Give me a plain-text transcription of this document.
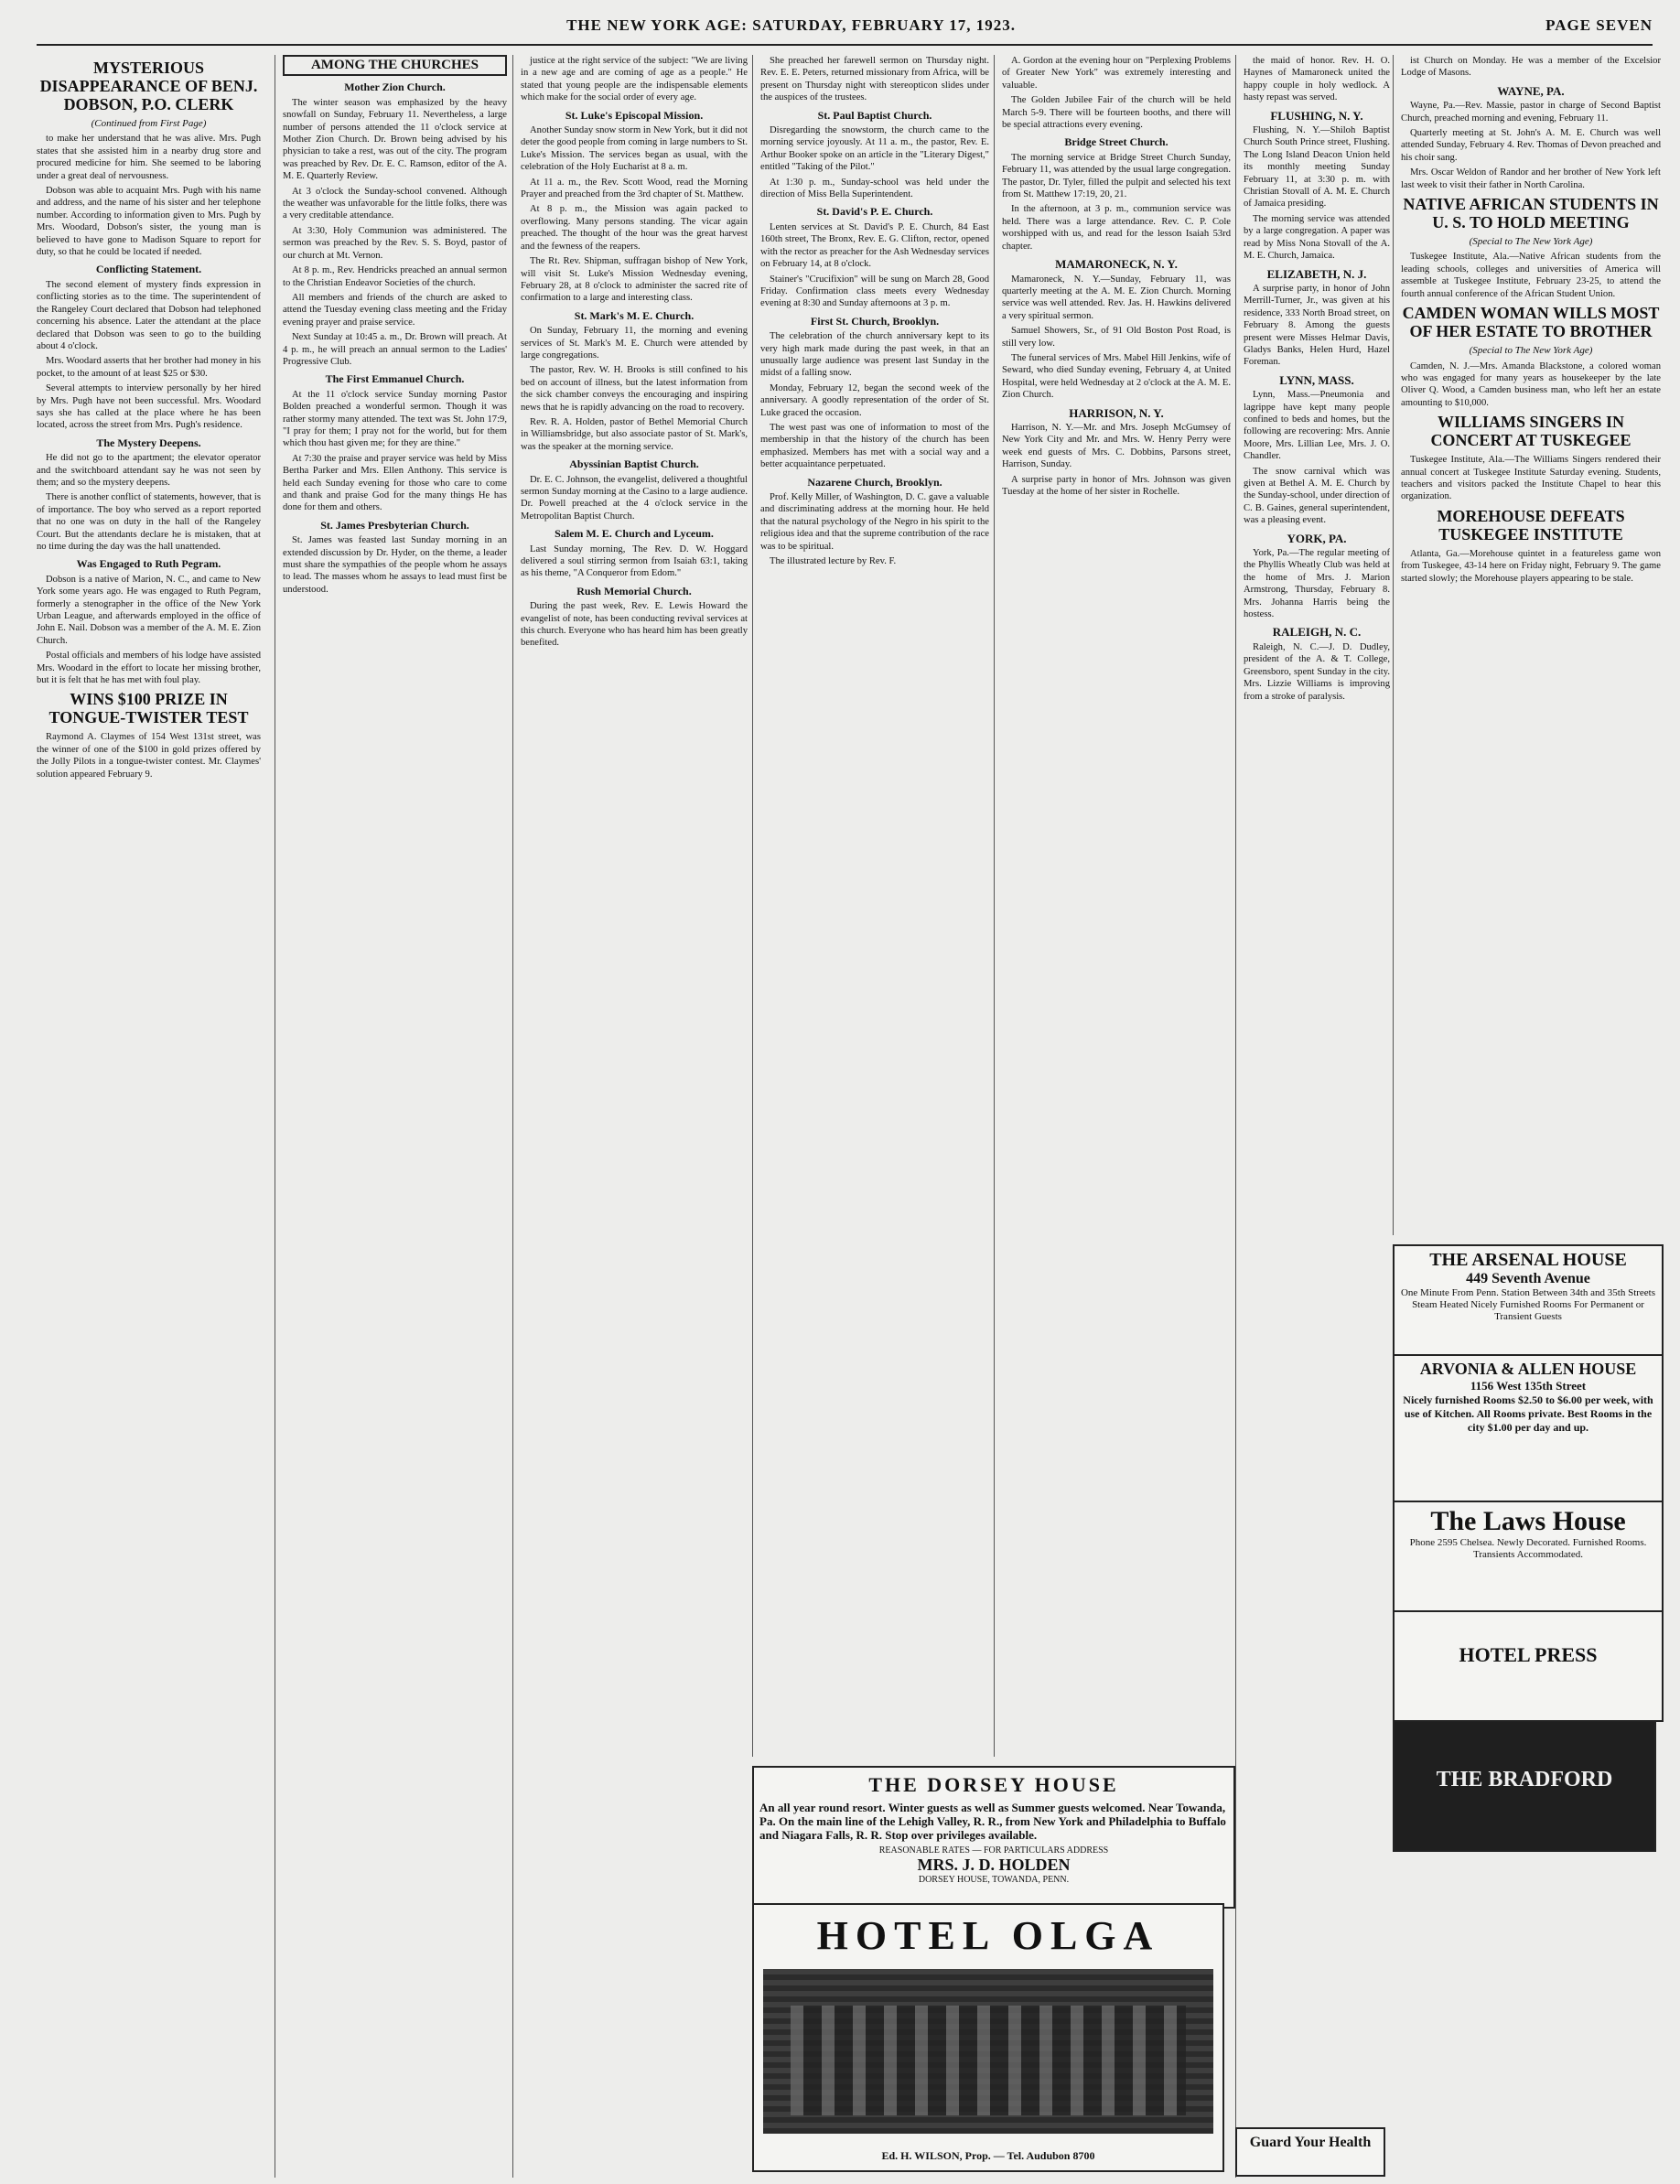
THE NEW YORK AGE: SATURDAY, FEBRUARY 17, 1923.	PAGE SEVEN
MYSTERIOUS DISAPPEARANCE OF BENJ. DOBSON, P.O. CLERK
(Continued from First Page)

to make her understand that he was alive. Mrs. Pugh states that she assisted him in a nearby drug store and procured medicine for him. She seemed to be laboring under a great deal of nervousness.

Dobson was able to acquaint Mrs. Pugh with his name and address, and the name of his sister and her telephone number. According to information given to Mrs. Pugh by Mrs. Woodard, Dobson's sister, the young man is believed to have gone to Madison Square to report for duty, so that he could be located if needed.

Conflicting Statement.

The second element of mystery finds expression in conflicting stories as to the time. The superintendent of the Rangeley Court declared that Dobson had telephoned concerning his absence. Later the attendant at the place declared that Dobson was seen to go to the building about 4 o'clock.

Mrs. Woodard asserts that her brother had money in his pocket, to the amount of at least $25 or $30.

Several attempts to interview personally by her hired by Mrs. Pugh have not been successful. Mrs. Woodard says she has called at the place where he has been located, across the street from Mrs. Pugh's residence.

The Mystery Deepens.

He did not go to the apartment; the elevator operator and the switchboard attendant say he was not seen by them; and so the mystery deepens.

There is another conflict of statements, however, that is of importance. The boy who served as a report reported that no one was on duty in the hall of the Rangeley Court. But the attendants declare he is mistaken, that at no time during the day was the hall unattended.

Was Engaged to Ruth Pegram.

Dobson is a native of Marion, N. C., and came to New York some years ago. He was engaged to Ruth Pegram, formerly a stenographer in the office of the New York Urban League, and afterwards employed in the office of John E. Nail. Dobson was a member of the A. M. E. Zion Church.

Postal officials and members of his lodge have assisted Mrs. Woodard in the effort to locate her missing brother, but it is felt that he has met with foul play.

WINS $100 PRIZE IN TONGUE-TWISTER TEST

Raymond A. Claymes of 154 West 131st street, was the winner of one of the $100 in gold prizes offered by the Jolly Pilots in a tongue-twister contest. Mr. Claymes' solution appeared February 9.

AMONG THE CHURCHES
Mother Zion Church.

The winter season was emphasized by the heavy snowfall on Sunday, February 11. Nevertheless, a large number of persons attended the 11 o'clock service at Mother Zion Church. Dr. Brown being advised by his physician to take a rest, was out of the city. The program was preached by Rev. Dr. E. C. Ramson, editor of the A. M. E. Quarterly Review.

At 3 o'clock the Sunday-school convened. Although the weather was unfavorable for the little folks, there was a very creditable attendance.

At 3:30, Holy Communion was administered. The sermon was preached by the Rev. S. S. Boyd, pastor of our church at Mt. Vernon.

At 8 p. m., Rev. Hendricks preached an annual sermon to the Christian Endeavor Societies of the church.

All members and friends of the church are asked to attend the Tuesday evening class meeting and the Friday evening prayer and praise service.

Next Sunday at 10:45 a. m., Dr. Brown will preach. At 4 p. m., he will preach an annual sermon to the Ladies' Progressive Club.

The First Emmanuel Church.

At the 11 o'clock service Sunday morning Pastor Bolden preached a wonderful sermon. Though it was rather stormy many attended. The text was St. John 17:9, "I pray for them; I pray not for the world, but for them which thou hast given me; for they are thine."

At 7:30 the praise and prayer service was held by Miss Bertha Parker and Mrs. Ellen Anthony. This service is held each Sunday evening for those who care to come and thank and praise God for the many things He has done for them and others.

St. James Presbyterian Church.

St. James was feasted last Sunday morning in an extended discussion by Dr. Hyder, on the theme, a leader must share the sympathies of the people whom he assays to lead. The masses whom he assays to lead must first be understood.

justice at the right service of the subject: "We are living in a new age and are coming of age as a people." He stated that young people are the indispensable elements which make for the social order of every age.

St. Luke's Episcopal Mission.

Another Sunday snow storm in New York, but it did not deter the good people from coming in large numbers to St. Luke's Mission. The services began as usual, with the celebration of the Holy Eucharist at 8 a. m.

At 11 a. m., the Rev. Scott Wood, read the Morning Prayer and preached from the 3rd chapter of St. Matthew.

At 8 p. m., the Mission was again packed to overflowing. Many persons standing. The vicar again preached. The thought of the hour was the great harvest and the fewness of the reapers.

The Rt. Rev. Shipman, suffragan bishop of New York, will visit St. Luke's Mission Wednesday evening, February 28, at 8 o'clock to administer the sacred rite of confirmation to a large and interesting class.

St. Mark's M. E. Church.

On Sunday, February 11, the morning and evening services of St. Mark's M. E. Church were attended by large congregations.

The pastor, Rev. W. H. Brooks is still confined to his bed on account of illness, but the latest information from the sick chamber conveys the encouraging and inspiring news that he is rapidly advancing on the road to recovery.

Rev. R. A. Holden, pastor of Bethel Memorial Church in Williamsbridge, but also associate pastor of St. Mark's, was the speaker at the morning service.

Abyssinian Baptist Church.

Dr. E. C. Johnson, the evangelist, delivered a thoughtful sermon Sunday morning at the Casino to a large audience. Dr. Powell preached at the 4 o'clock service in the Metropolitan Baptist Church.

Salem M. E. Church and Lyceum.

Last Sunday morning, The Rev. D. W. Hoggard delivered a soul stirring sermon from Isaiah 63:1, taking as his theme, "A Conqueror from Edom."

Rush Memorial Church.

During the past week, Rev. E. Lewis Howard the evangelist of note, has been conducting revival services at this church. Everyone who has heard him has been greatly benefited.

She preached her farewell sermon on Thursday night. Rev. E. E. Peters, returned missionary from Africa, will be present on Thursday night with stereopticon slides under the auspices of the trustees.

St. Paul Baptist Church.

Disregarding the snowstorm, the church came to the morning service joyously. At 11 a. m., the pastor, Rev. E. Arthur Booker spoke on an article in the "Literary Digest," entitled "Taking of the Pilot."

At 1:30 p. m., Sunday-school was held under the direction of Miss Bella Superintendent.

St. David's P. E. Church.

Lenten services at St. David's P. E. Church, 84 East 160th street, The Bronx, Rev. E. G. Clifton, rector, opened with the rector as preacher for the Ash Wednesday services on February 14, at 8 o'clock.

Stainer's "Crucifixion" will be sung on March 28, Good Friday. Confirmation class meets every Wednesday evening at 8:30 and Sunday afternoons at 3 p. m.

First St. Church, Brooklyn.

The celebration of the church anniversary kept to its very high mark made during the past week, in that an unusually large audience was present last Sunday in the midst of a falling snow.

Monday, February 12, began the second week of the anniversary. A goodly representation of the order of St. Luke graced the occasion.

The west past was one of information to most of the membership in that the history of the church has been emphasized. Members has met with a social way and a better acquaintance perpetuated.

Nazarene Church, Brooklyn.

Prof. Kelly Miller, of Washington, D. C. gave a valuable and discriminating address at the morning hour. He held that the natural psychology of the Negro in his spirit to the religious idea and that the supreme contribution of the race was to be spiritual.

The illustrated lecture by Rev. F.

A. Gordon at the evening hour on "Perplexing Problems of Greater New York" was extremely interesting and valuable.

The Golden Jubilee Fair of the church will be held March 5-9. There will be fourteen booths, and there will be special attractions every evening.

Bridge Street Church.

The morning service at Bridge Street Church Sunday, February 11, was attended by the usual large congregation. The pastor, Dr. Tyler, filled the pulpit and selected his text from St. Matthew 17:19, 20, 21.

In the afternoon, at 3 p. m., communion service was held. There was a large attendance. Rev. C. P. Cole worshipped with us, and read for the lesson Isaiah 53rd chapter.

MAMARONECK, N. Y.

Mamaroneck, N. Y.—Sunday, February 11, was quarterly meeting at the A. M. E. Zion Church. Morning service was well attended. Rev. Jas. H. Hawkins delivered a very spiritual sermon.

Samuel Showers, Sr., of 91 Old Boston Post Road, is still very low.

The funeral services of Mrs. Mabel Hill Jenkins, wife of Seward, who died Sunday evening, February 4, at United Hospital, were held Wednesday at 2 o'clock at the A. M. E. Zion Church.

HARRISON, N. Y.

Harrison, N. Y.—Mr. and Mrs. Joseph McGumsey of New York City and Mr. and Mrs. W. Henry Perry were week end guests of Mrs. C. Dobbins, Parsons street, Harrison, Sunday.

A surprise party in honor of Mrs. Johnson was given Tuesday at the home of her sister in Rochelle.

the maid of honor. Rev. H. O. Haynes of Mamaroneck united the happy couple in holy wedlock. A hasty repast was served.

FLUSHING, N. Y.

Flushing, N. Y.—Shiloh Baptist Church South Prince street, Flushing. The Long Island Deacon Union held its monthly meeting Sunday February 11, at 3:30 p. m. with Christian Stovall of A. M. E. Church of Jamaica presiding.

The morning service was attended by a large congregation. A paper was read by Miss Nona Stovall of the A. M. E. Church, Jamaica.

ELIZABETH, N. J.

A surprise party, in honor of John Merrill-Turner, Jr., was given at his residence, 333 North Broad street, on February 8. Among the guests present were Misses Helmar Davis, Gladys Banks, Helen Hurd, Hazel Foreman.

LYNN, MASS.

Lynn, Mass.—Pneumonia and lagrippe have kept many people confined to beds and homes, but the following are recovering: Mrs. Annie Moore, Mrs. Lillian Lee, Mrs. J. O. Chandler.

The snow carnival which was given at Bethel A. M. E. Church by the Sunday-school, under direction of C. B. Gaines, general superintendent, was a pleasing event.

YORK, PA.

York, Pa.—The regular meeting of the Phyllis Wheatly Club was held at the home of Mrs. J. Marion Armstrong, Thursday, February 8. Mrs. Johanna Harris being the hostess.

RALEIGH, N. C.

Raleigh, N. C.—J. D. Dudley, president of the A. & T. College, Greensboro, spent Sunday in the city. Mrs. Lizzie Williams is improving from a stroke of paralysis.

ist Church on Monday. He was a member of the Excelsior Lodge of Masons.

WAYNE, PA.

Wayne, Pa.—Rev. Massie, pastor in charge of Second Baptist Church, preached morning and evening, February 11.

Quarterly meeting at St. John's A. M. E. Church was well attended Sunday, February 4. Rev. Thomas of Devon preached and his choir sang.

Mrs. Oscar Weldon of Randor and her brother of New York left last week to visit their father in North Carolina.

NATIVE AFRICAN STUDENTS IN U. S. TO HOLD MEETING
(Special to The New York Age)

Tuskegee Institute, Ala.—Native African students from the leading schools, colleges and universities of America will assemble at Tuskegee Institute, February 23-25, to attend the fourth annual conference of the African Student Union.

CAMDEN WOMAN WILLS MOST OF HER ESTATE TO BROTHER
(Special to The New York Age)

Camden, N. J.—Mrs. Amanda Blackstone, a colored woman who was engaged for many years as housekeeper by the late Oliver Q. Wood, a Camden business man, who left her an estate amounting to $10,000.

WILLIAMS SINGERS IN CONCERT AT TUSKEGEE

Tuskegee Institute, Ala.—The Williams Singers rendered their annual concert at Tuskegee Institute Saturday evening. Students, teachers and visitors packed the Institute Chapel to hear this organization.

MOREHOUSE DEFEATS TUSKEGEE INSTITUTE

Atlanta, Ga.—Morehouse quintet in a featureless game won from Tuskegee, 43-14 here on Friday night, February 9. The game started slowly; the Morehouse players appearing to be stale.

THE DORSEY HOUSE
An all year round resort. Winter guests as well as Summer guests welcomed. Near Towanda, Pa. On the main line of the Lehigh Valley, R. R., from New York and Philadelphia to Buffalo and Niagara Falls, R. R. Stop over privileges available.
REASONABLE RATES — FOR PARTICULARS ADDRESS
MRS. J. D. HOLDEN
DORSEY HOUSE, TOWANDA, PENN.
HOTEL OLGA
Ed. H. WILSON, Prop. — Tel. Audubon 8700
Guard Your Health
THE ARSENAL HOUSE
449 Seventh Avenue
One Minute From Penn. Station Between 34th and 35th Streets Steam Heated Nicely Furnished Rooms For Permanent or Transient Guests
ARVONIA & ALLEN HOUSE
1156 West 135th Street
Nicely furnished Rooms $2.50 to $6.00 per week, with use of Kitchen. All Rooms private. Best Rooms in the city $1.00 per day and up.
The Laws House
Phone 2595 Chelsea. Newly Decorated. Furnished Rooms. Transients Accommodated.
HOTEL PRESS
THE BRADFORD
